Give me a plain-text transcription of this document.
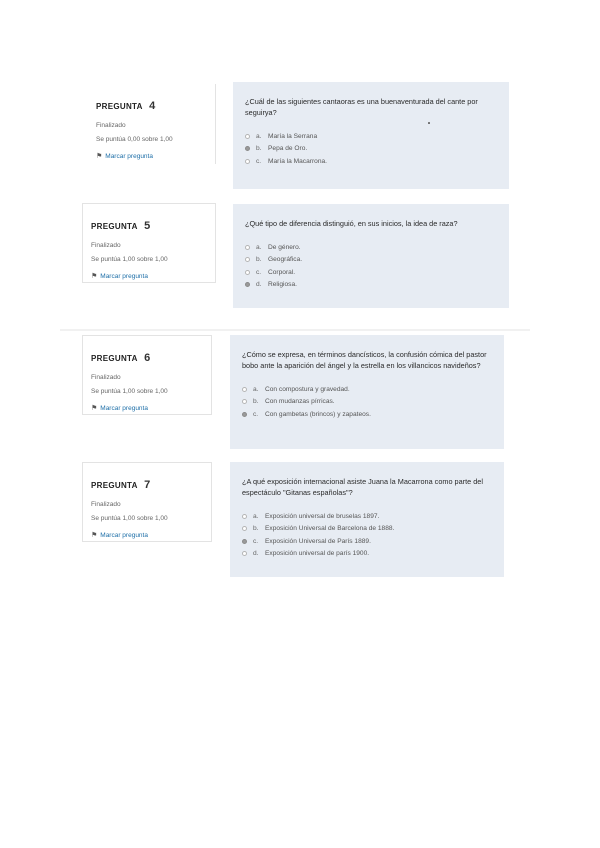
PREGUNTA 4
Finalizado
Se puntúa 0,00 sobre 1,00
⚑ Marcar pregunta
¿Cuál de las siguientes cantaoras es una buenaventurada del cante por seguirya?
a. María la Serrana
b. Pepa de Oro.
c.	María la Macarrona.
PREGUNTA 5
Finalizado
Se puntúa 1,00 sobre 1,00
⚑ Marcar pregunta
¿Qué tipo de diferencia distinguió, en sus inicios, la idea de raza?
a. De género.
b. Geográfica.
c.	Corporal.
d. Religiosa.
PREGUNTA 6
Finalizado
Se puntúa 1,00 sobre 1,00
⚑ Marcar pregunta
¿Cómo se expresa, en términos dancísticos, la confusión cómica del pastor bobo ante la aparición del ángel y la estrella en los villancicos navideños?
a. Con compostura y gravedad.
b. Con mudanzas pírricas.
c.	Con gambetas (brincos) y zapateos.
PREGUNTA 7
Finalizado
Se puntúa 1,00 sobre 1,00
⚑ Marcar pregunta
¿A qué exposición internacional asiste Juana la Macarrona como parte del espectáculo "Gitanas españolas"?
a. Exposición universal de bruselas 1897.
b. Exposición Universal de Barcelona de 1888.
c.	Exposición Universal de París 1889.
d. Exposición universal de parís 1900.
